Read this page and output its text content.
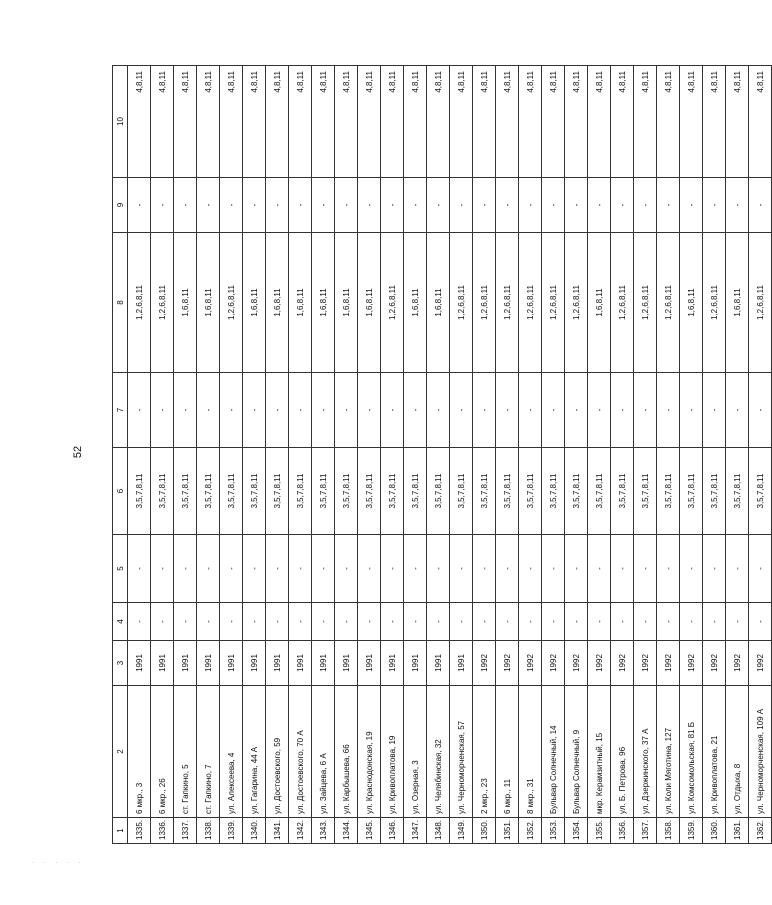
52
· · · · ·
1	2	3	4	5	6	7	8	9	10
1335.	6 мкр., 3	1991	-	-	3,5,7,8,11	-	1,2,6,8,11	-	4,8,11
1336.	6 мкр., 26	1991	-	-	3,5,7,8,11	-	1,2,6,8,11	-	4,8,11
1337.	ст. Гапкино, 5	1991	-	-	3,5,7,8,11	-	1,6,8,11	-	4,8,11
1338.	ст. Гапкино, 7	1991	-	-	3,5,7,8,11	-	1,6,8,11	-	4,8,11
1339.	ул. Алексеева, 4	1991	-	-	3,5,7,8,11	-	1,2,6,8,11	-	4,8,11
1340.	ул. Гагарина, 44 А	1991	-	-	3,5,7,8,11	-	1,6,8,11	-	4,8,11
1341.	ул. Достоевского, 59	1991	-	-	3,5,7,8,11	-	1,6,8,11	-	4,8,11
1342.	ул. Достоевского, 70 А	1991	-	-	3,5,7,8,11	-	1,6,8,11	-	4,8,11
1343.	ул. Зайцева, 6 А	1991	-	-	3,5,7,8,11	-	1,6,8,11	-	4,8,11
1344.	ул. Карбышева, 66	1991	-	-	3,5,7,8,11	-	1,6,8,11	-	4,8,11
1345.	ул. Краснодонская, 19	1991	-	-	3,5,7,8,11	-	1,6,8,11	-	4,8,11
1346.	ул. Кривоплатова, 19	1991	-	-	3,5,7,8,11	-	1,2,6,8,11	-	4,8,11
1347.	ул. Озерная, 3	1991	-	-	3,5,7,8,11	-	1,6,8,11	-	4,8,11
1348.	ул. Челябинская, 32	1991	-	-	3,5,7,8,11	-	1,6,8,11	-	4,8,11
1349.	ул. Черноморченская, 57	1991	-	-	3,5,7,8,11	-	1,2,6,8,11	-	4,8,11
1350.	2 мкр., 23	1992	-	-	3,5,7,8,11	-	1,2,6,8,11	-	4,8,11
1351.	6 мкр., 11	1992	-	-	3,5,7,8,11	-	1,2,6,8,11	-	4,8,11
1352.	8 мкр., 31	1992	-	-	3,5,7,8,11	-	1,2,6,8,11	-	4,8,11
1353.	Бульвар Солнечный, 14	1992	-	-	3,5,7,8,11	-	1,2,6,8,11	-	4,8,11
1354.	Бульвар Солнечный, 9	1992	-	-	3,5,7,8,11	-	1,2,6,8,11	-	4,8,11
1355.	мкр. Керамзитный, 15	1992	-	-	3,5,7,8,11	-	1,6,8,11	-	4,8,11
1356.	ул. Б. Петрова, 96	1992	-	-	3,5,7,8,11	-	1,2,6,8,11	-	4,8,11
1357.	ул. Дзержинского, 37 А	1992	-	-	3,5,7,8,11	-	1,2,6,8,11	-	4,8,11
1358.	ул. Коли Мяготина, 127	1992	-	-	3,5,7,8,11	-	1,2,6,8,11	-	4,8,11
1359.	ул. Комсомольская, 81 Б	1992	-	-	3,5,7,8,11	-	1,6,8,11	-	4,8,11
1360.	ул. Кривоплатова, 21	1992	-	-	3,5,7,8,11	-	1,2,6,8,11	-	4,8,11
1361.	ул. Отдыха, 8	1992	-	-	3,5,7,8,11	-	1,6,8,11	-	4,8,11
1362.	ул. Черноморченская, 109 А	1992	-	-	3,5,7,8,11	-	1,2,6,8,11	-	4,8,11
